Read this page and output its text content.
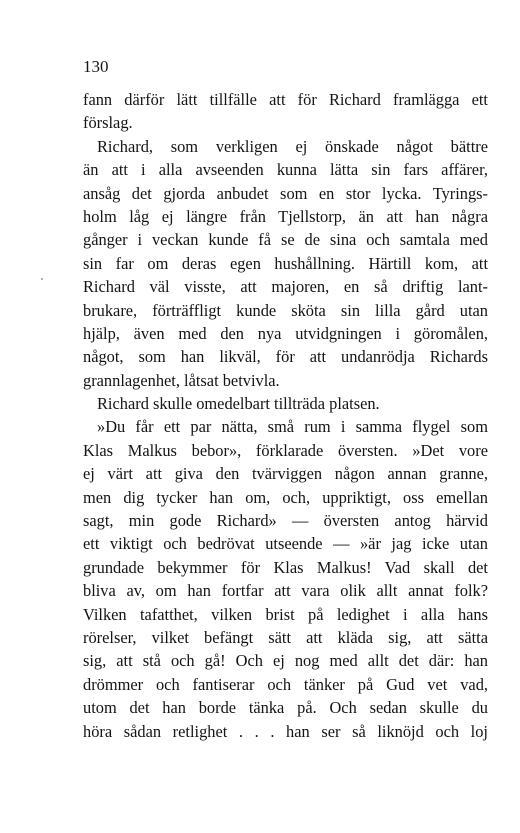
130
fann därför lätt tillfälle att för Richard framlägga ett
förslag.
Richard, som verkligen ej önskade något bättre
än att i alla avseenden kunna lätta sin fars affärer,
ansåg det gjorda anbudet som en stor lycka. Tyrings-
holm låg ej längre från Tjellstorp, än att han några
gånger i veckan kunde få se de sina och samtala med
sin far om deras egen hushållning. Härtill kom, att
Richard väl visste, att majoren, en så driftig lant-
brukare, förträffligt kunde sköta sin lilla gård utan
hjälp, även med den nya utvidgningen i göromålen,
något, som han likväl, för att undanrödja Richards
grannlagenhet, låtsat betvivla.
Richard skulle omedelbart tillträda platsen.
»Du får ett par nätta, små rum i samma flygel som
Klas Malkus bebor», förklarade översten. »Det vore
ej värt att giva den tvärviggen någon annan granne,
men dig tycker han om, och, uppriktigt, oss emellan
sagt, min gode Richard» — översten antog härvid
ett viktigt och bedrövat utseende — »är jag icke utan
grundade bekymmer för Klas Malkus! Vad skall det
bliva av, om han fortfar att vara olik allt annat folk?
Vilken tafatthet, vilken brist på ledighet i alla hans
rörelser, vilket befängt sätt att kläda sig, att sätta
sig, att stå och gå! Och ej nog med allt det där: han
drömmer och fantiserar och tänker på Gud vet vad,
utom det han borde tänka på. Och sedan skulle du
höra sådan retlighet . . . han ser så liknöjd och loj
